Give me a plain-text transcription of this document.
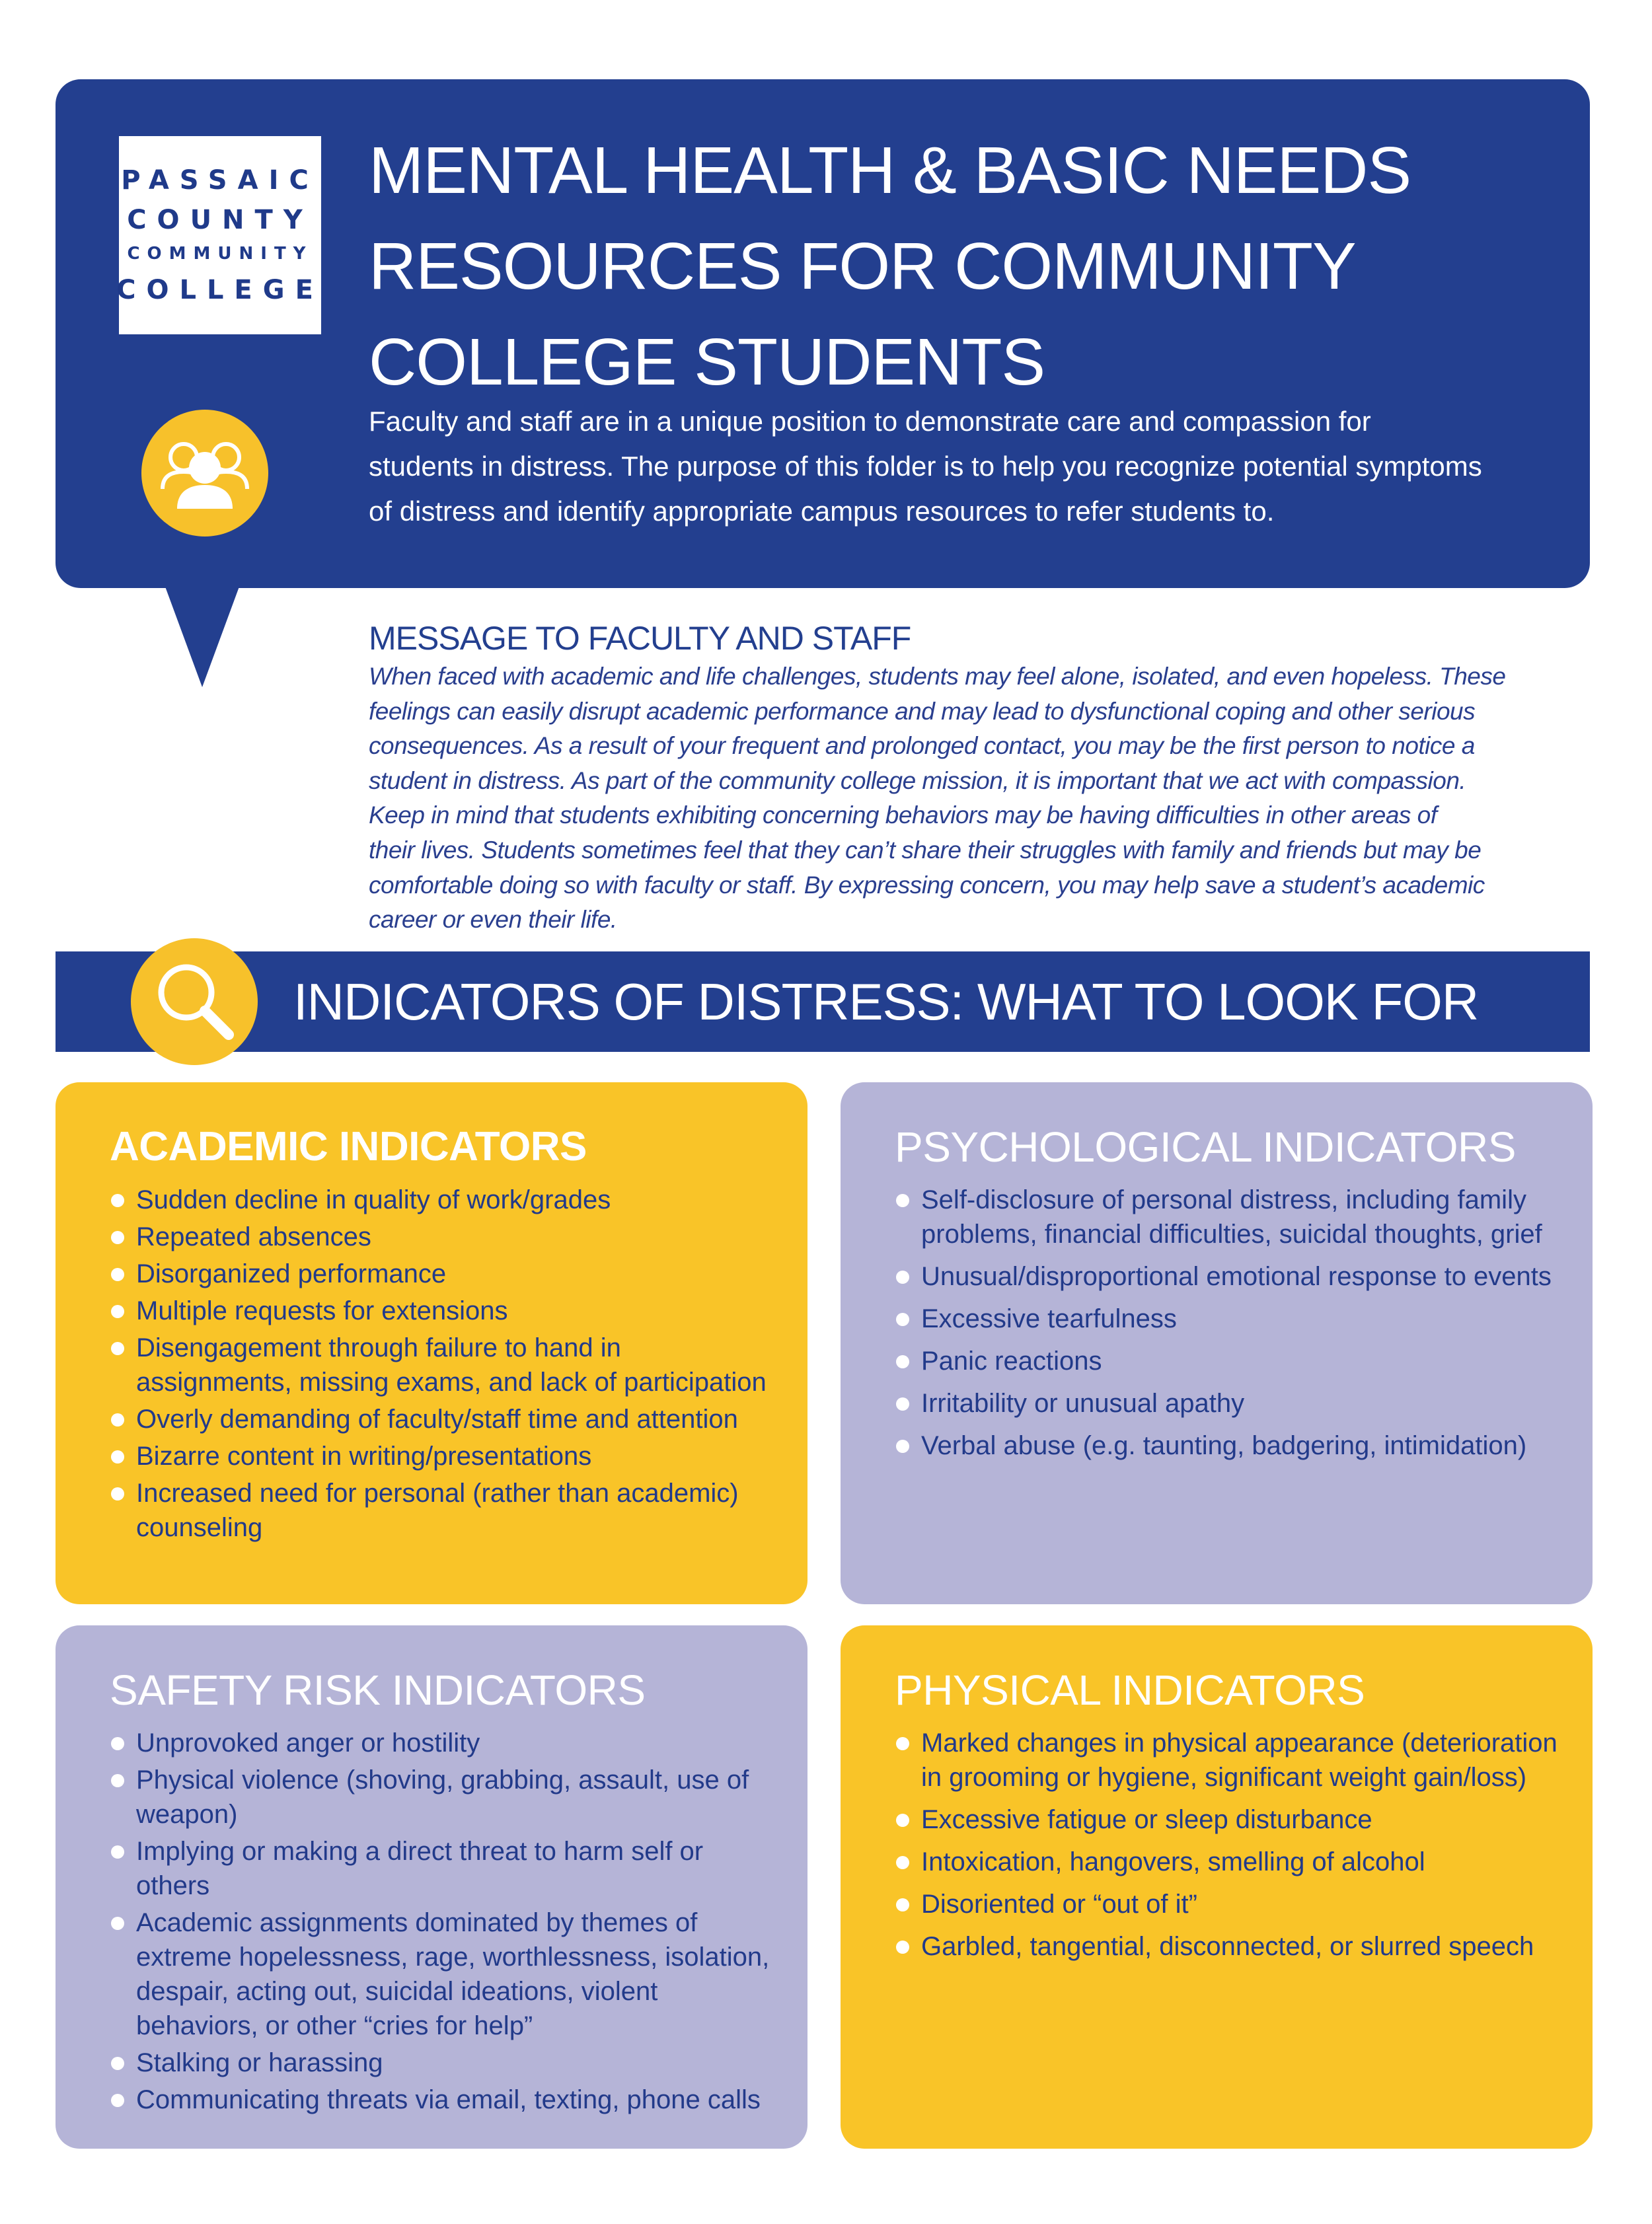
PASSAIC
COUNTY
COMMUNITY
COLLEGE
MENTAL HEALTH & BASIC NEEDS
RESOURCES FOR COMMUNITY
COLLEGE STUDENTS
Faculty and staff are in a unique position to demonstrate care and compassion for
students in distress. The purpose of this folder is to help you recognize potential symptoms
of distress and identify appropriate campus resources to refer students to.
MESSAGE TO FACULTY AND STAFF

When faced with academic and life challenges, students may feel alone, isolated, and even hopeless. These
feelings can easily disrupt academic performance and may lead to dysfunctional coping and other serious
consequences. As a result of your frequent and prolonged contact, you may be the first person to notice a
student in distress. As part of the community college mission, it is important that we act with compassion.
Keep in mind that students exhibiting concerning behaviors may be having difficulties in other areas of
their lives. Students sometimes feel that they can’t share their struggles with family and friends but may be
comfortable doing so with faculty or staff. By expressing concern, you may help save a student’s academic
career or even their life.

INDICATORS OF DISTRESS: WHAT TO LOOK FOR
ACADEMIC INDICATORS
Sudden decline in quality of work/grades
Repeated absences
Disorganized performance
Multiple requests for extensions
Disengagement through failure to hand in assignments, missing exams, and lack of participation
Overly demanding of faculty/staff time and attention
Bizarre content in writing/presentations
Increased need for personal (rather than academic) counseling
PSYCHOLOGICAL INDICATORS
Self-disclosure of personal distress, including family problems, financial difficulties, suicidal thoughts, grief
Unusual/disproportional emotional response to events
Excessive tearfulness
Panic reactions
Irritability or unusual apathy
Verbal abuse (e.g. taunting, badgering, intimidation)
SAFETY RISK INDICATORS
Unprovoked anger or hostility
Physical violence (shoving, grabbing, assault, use of weapon)
Implying or making a direct threat to harm self or others
Academic assignments dominated by themes of extreme hopelessness, rage, worthlessness, isolation, despair, acting out, suicidal ideations, violent behaviors, or other “cries for help”
Stalking or harassing
Communicating threats via email, texting, phone calls
PHYSICAL INDICATORS
Marked changes in physical appearance (deterioration in grooming or hygiene, significant weight gain/loss)
Excessive fatigue or sleep disturbance
Intoxication, hangovers, smelling of alcohol
Disoriented or “out of it”
Garbled, tangential, disconnected, or slurred speech
